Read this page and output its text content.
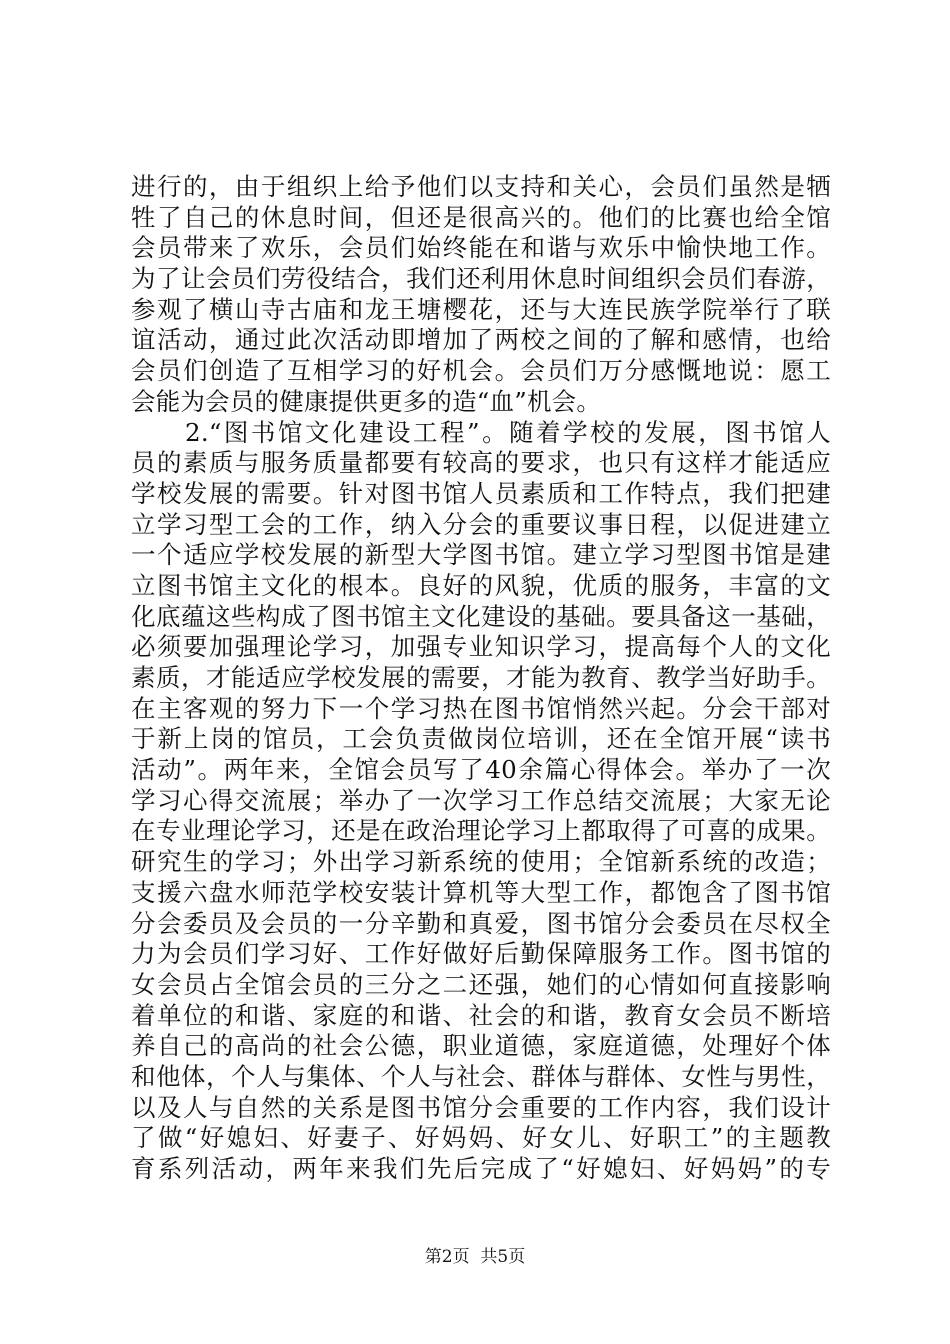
进行的，由于组织上给予他们以支持和关心，会员们虽然是牺
牲了自己的休息时间，但还是很高兴的。他们的比赛也给全馆
会员带来了欢乐，会员们始终能在和谐与欢乐中愉快地工作。
为了让会员们劳役结合，我们还利用休息时间组织会员们春游，
参观了横山寺古庙和龙王塘樱花，还与大连民族学院举行了联
谊活动，通过此次活动即增加了两校之间的了解和感情，也给
会员们创造了互相学习的好机会。会员们万分感慨地说：愿工
会能为会员的健康提供更多的造“血”机会。
　　2.“图书馆文化建设工程”。随着学校的发展，图书馆人
员的素质与服务质量都要有较高的要求，也只有这样才能适应
学校发展的需要。针对图书馆人员素质和工作特点，我们把建
立学习型工会的工作，纳入分会的重要议事日程，以促进建立
一个适应学校发展的新型大学图书馆。建立学习型图书馆是建
立图书馆主文化的根本。良好的风貌，优质的服务，丰富的文
化底蕴这些构成了图书馆主文化建设的基础。要具备这一基础，
必须要加强理论学习，加强专业知识学习，提高每个人的文化
素质，才能适应学校发展的需要，才能为教育、教学当好助手。
在主客观的努力下一个学习热在图书馆悄然兴起。分会干部对
于新上岗的馆员，工会负责做岗位培训，还在全馆开展“读书
活动”。两年来，全馆会员写了40余篇心得体会。举办了一次
学习心得交流展；举办了一次学习工作总结交流展；大家无论
在专业理论学习，还是在政治理论学习上都取得了可喜的成果。
研究生的学习；外出学习新系统的使用；全馆新系统的改造；
支援六盘水师范学校安装计算机等大型工作，都饱含了图书馆
分会委员及会员的一分辛勤和真爱，图书馆分会委员在尽权全
力为会员们学习好、工作好做好后勤保障服务工作。图书馆的
女会员占全馆会员的三分之二还强，她们的心情如何直接影响
着单位的和谐、家庭的和谐、社会的和谐，教育女会员不断培
养自己的高尚的社会公德，职业道德，家庭道德，处理好个体
和他体，个人与集体、个人与社会、群体与群体、女性与男性，
以及人与自然的关系是图书馆分会重要的工作内容，我们设计
了做“好媳妇、好妻子、好妈妈、好女儿、好职工”的主题教
育系列活动，两年来我们先后完成了“好媳妇、好妈妈”的专
第2页  共5页
